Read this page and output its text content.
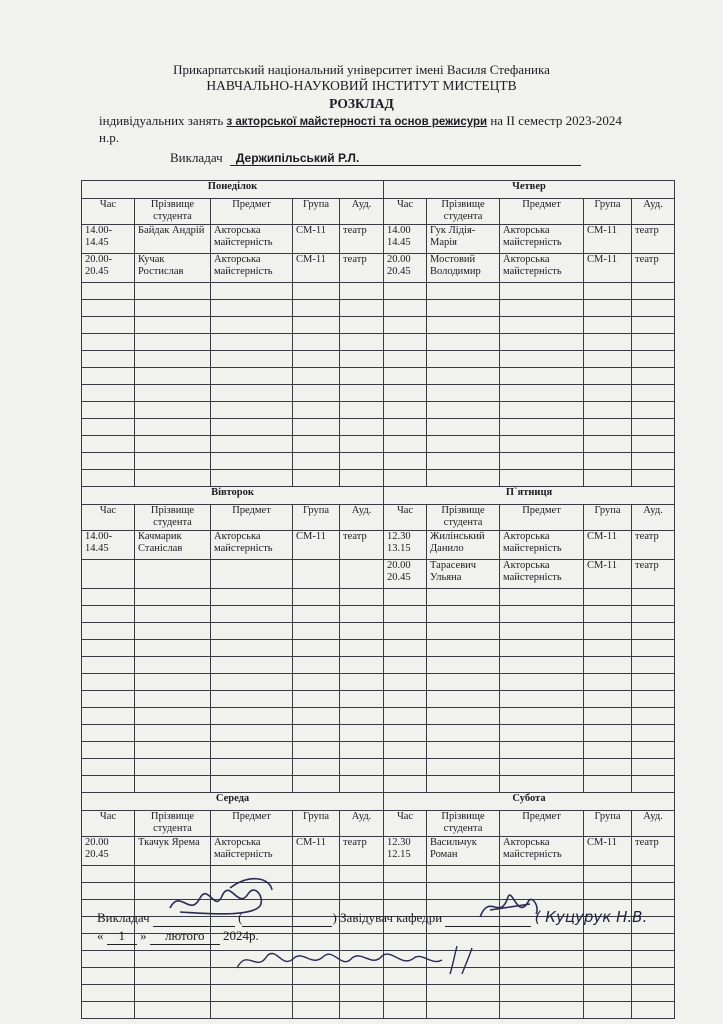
Прикарпатський національний університет імені Василя Стефаника
НАВЧАЛЬНО-НАУКОВИЙ ІНСТИТУТ МИСТЕЦТВ
РОЗКЛАД
індивідуальних занять з акторської майстерності та основ режисури на ІІ семестр 2023-2024
н.р.
Викладач Держипільський Р.Л.
Понеділок					Четвер				
Час	Прізвище студента	Предмет	Група	Ауд.	Час	Прізвище студента	Предмет	Група	Ауд.
14.00-14.45	Байдак Андрій	Акторська майстерність	СМ-11	театр	14.00 14.45	Гук Лідія-Марія	Акторська майстерність	СМ-11	театр
20.00-20.45	Кучак Ростислав	Акторська майстерність	СМ-11	театр	20.00 20.45	Мостовий Володимир	Акторська майстерність	СМ-11	театр

Вівторок					П`ятниця				
Час	Прізвище студента	Предмет	Група	Ауд.	Час	Прізвище студента	Предмет	Група	Ауд.
14.00-14.45	Качмарик Станіслав	Акторська майстерність	СМ-11	театр	12.30 13.15	Жилінський Данило	Акторська майстерність	СМ-11	театр
					20.00 20.45	Тарасевич Ульяна	Акторська майстерність	СМ-11	театр

Середа					Субота				
Час	Прізвище студента	Предмет	Група	Ауд.	Час	Прізвище студента	Предмет	Група	Ауд.
20.00 20.45	Ткачук Ярема	Акторська майстерність	СМ-11	театр	12.30 12.15	Васильчук Роман	Акторська майстерність	СМ-11	театр

Викладач	(	) Завідувач кафедри	( Куцурук Н.В.
« 1 » лютого 2024р.
